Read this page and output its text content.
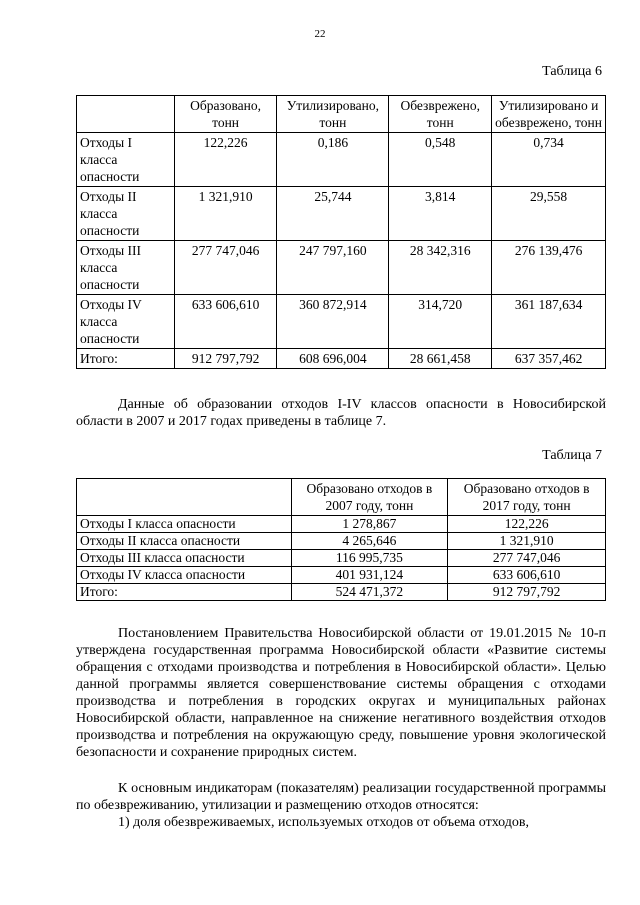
22
Таблица 6
	Образовано, тонн	Утилизировано, тонн	Обезврежено, тонн	Утилизировано и обезврежено, тонн
Отходы I класса опасности	122,226	0,186	0,548	0,734
Отходы II класса опасности	1 321,910	25,744	3,814	29,558
Отходы III класса опасности	277 747,046	247 797,160	28 342,316	276 139,476
Отходы IV класса опасности	633 606,610	360 872,914	314,720	361 187,634
Итого:	912 797,792	608 696,004	28 661,458	637 357,462
Данные об образовании отходов I-IV классов опасности в Новосибирской области в 2007 и 2017 годах приведены в таблице 7.
Таблица 7
	Образовано отходов в 2007 году, тонн	Образовано отходов в 2017 году, тонн
Отходы I класса опасности	1 278,867	122,226
Отходы II класса опасности	4 265,646	1 321,910
Отходы III класса опасности	116 995,735	277 747,046
Отходы IV класса опасности	401 931,124	633 606,610
Итого:	524 471,372	912 797,792
Постановлением Правительства Новосибирской области от 19.01.2015 № 10-п утверждена государственная программа Новосибирской области «Развитие системы обращения с отходами производства и потребления в Новосибирской области». Целью данной программы является совершенствование системы обращения с отходами производства и потребления в городских округах и муниципальных районах Новосибирской области, направленное на снижение негативного воздействия отходов производства и потребления на окружающую среду, повышение уровня экологической безопасности и сохранение природных систем.
К основным индикаторам (показателям) реализации государственной программы по обезвреживанию, утилизации и размещению отходов относятся:
1) доля обезвреживаемых, используемых отходов от объема отходов,
